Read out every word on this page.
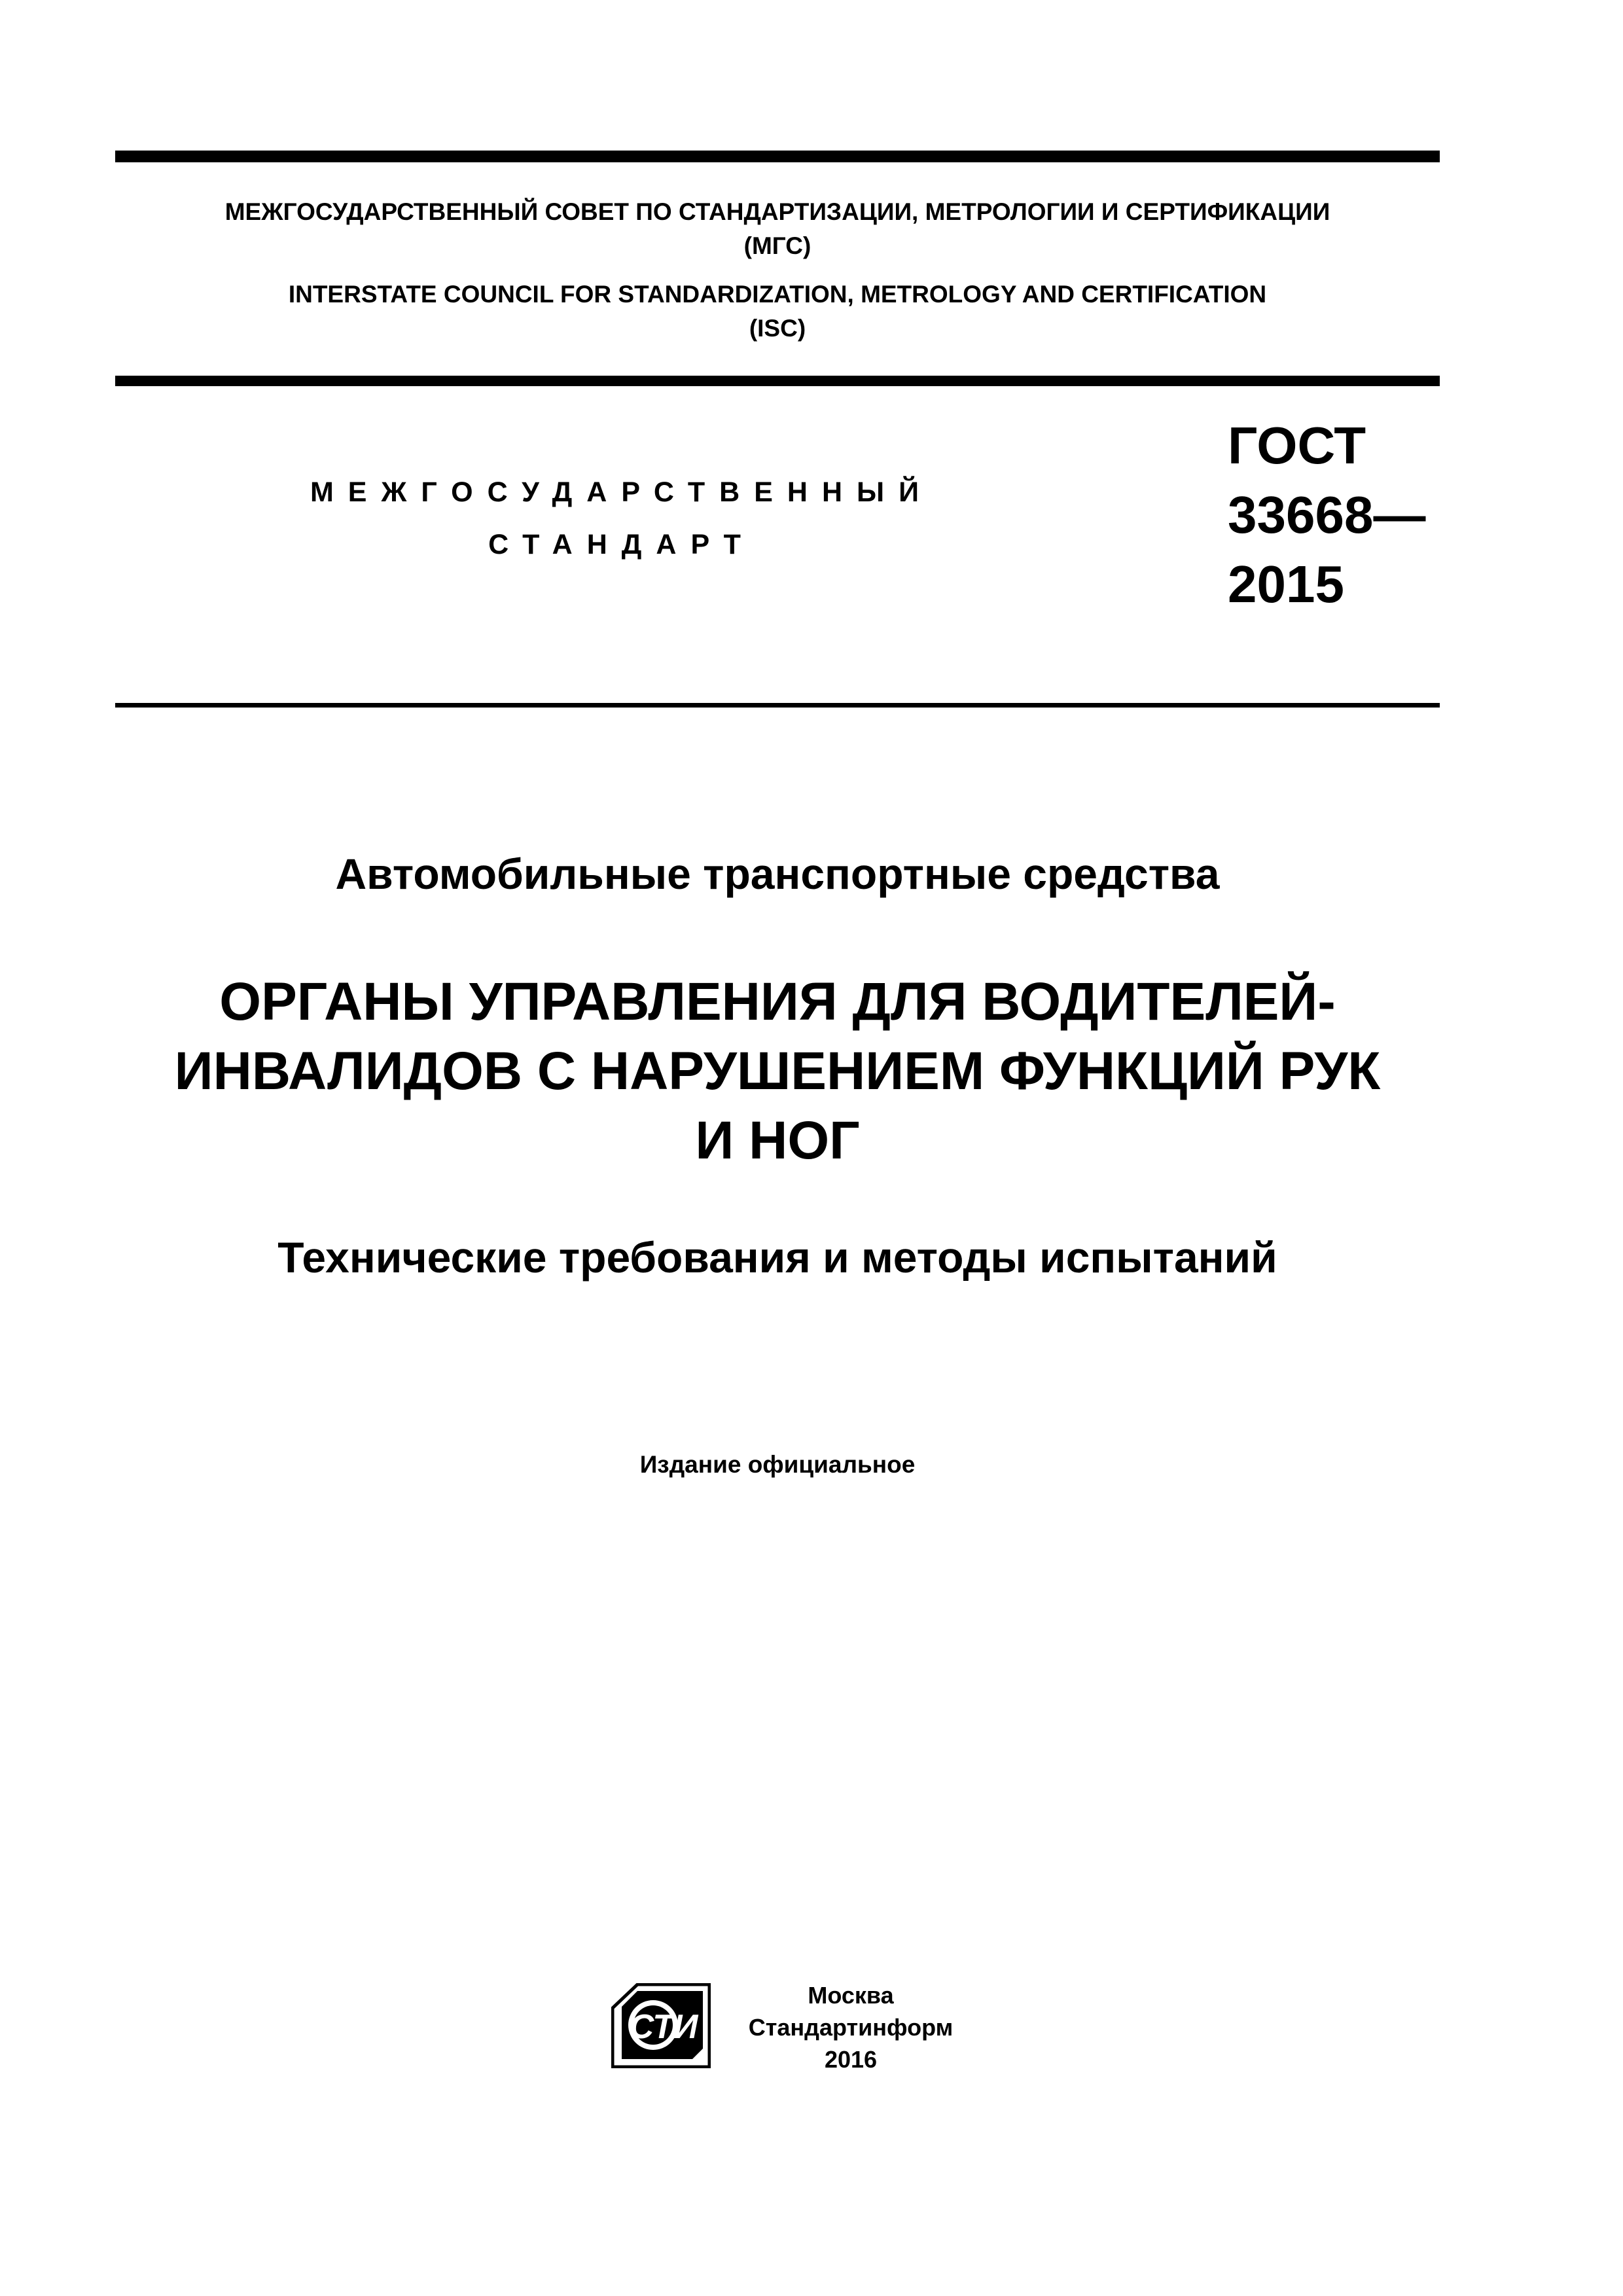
МЕЖГОСУДАРСТВЕННЫЙ СОВЕТ ПО СТАНДАРТИЗАЦИИ, МЕТРОЛОГИИ И СЕРТИФИКАЦИИ
(МГС)
INTERSTATE COUNCIL FOR STANDARDIZATION, METROLOGY AND CERTIFICATION
(ISC)
МЕЖГОСУДАРСТВЕННЫЙ
СТАНДАРТ
ГОСТ
33668—
2015
Автомобильные транспортные средства
ОРГАНЫ УПРАВЛЕНИЯ ДЛЯ ВОДИТЕЛЕЙ-
ИНВАЛИДОВ С НАРУШЕНИЕМ ФУНКЦИЙ РУК
И НОГ
Технические требования и методы испытаний
Издание официальное
СТИ
Москва
Стандартинформ
2016
